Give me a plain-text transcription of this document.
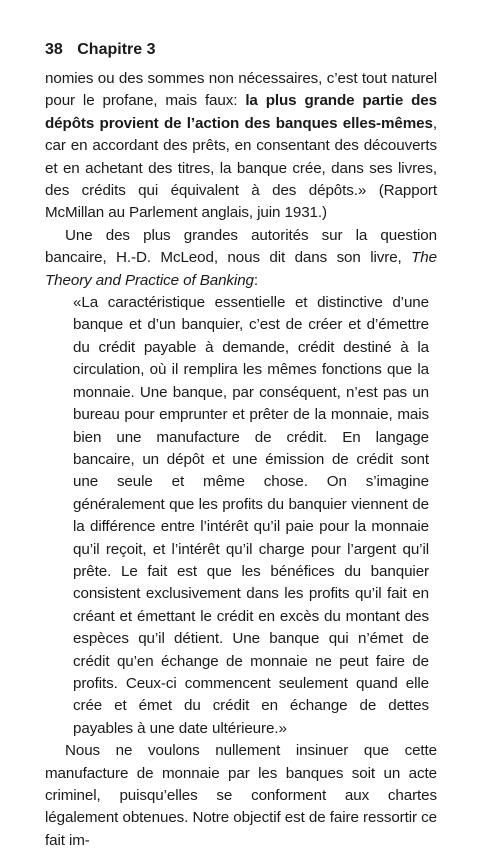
38 Chapitre 3

nomies ou des sommes non nécessaires, c’est tout naturel pour le profane, mais faux: la plus grande partie des dépôts provient de l’action des banques elles-mêmes, car en accordant des prêts, en consentant des découverts et en achetant des titres, la banque crée, dans ses livres, des crédits qui équivalent à des dépôts.» (Rapport McMillan au Parlement anglais, juin 1931.)

Une des plus grandes autorités sur la question bancaire, H.-D. McLeod, nous dit dans son livre, The Theory and Practice of Banking:

«La caractéristique essentielle et distinctive d’une banque et d’un banquier, c’est de créer et d’émettre du crédit payable à demande, crédit destiné à la circulation, où il remplira les mêmes fonctions que la monnaie. Une banque, par conséquent, n’est pas un bureau pour emprunter et prêter de la monnaie, mais bien une manufacture de crédit. En langage bancaire, un dépôt et une émission de crédit sont une seule et même chose. On s’imagine généralement que les profits du banquier viennent de la différence entre l’intérêt qu’il paie pour la monnaie qu’il reçoit, et l’intérêt qu’il charge pour l’argent qu’il prête. Le fait est que les bénéfices du banquier consistent exclusivement dans les profits qu’il fait en créant et émettant le crédit en excès du montant des espèces qu’il détient. Une banque qui n’émet de crédit qu’en échange de monnaie ne peut faire de profits. Ceux-ci commencent seulement quand elle crée et émet du crédit en échange de dettes payables à une date ultérieure.»

Nous ne voulons nullement insinuer que cette manufacture de monnaie par les banques soit un acte criminel, puisqu’elles se conforment aux chartes légalement obtenues. Notre objectif est de faire ressortir ce fait im-
